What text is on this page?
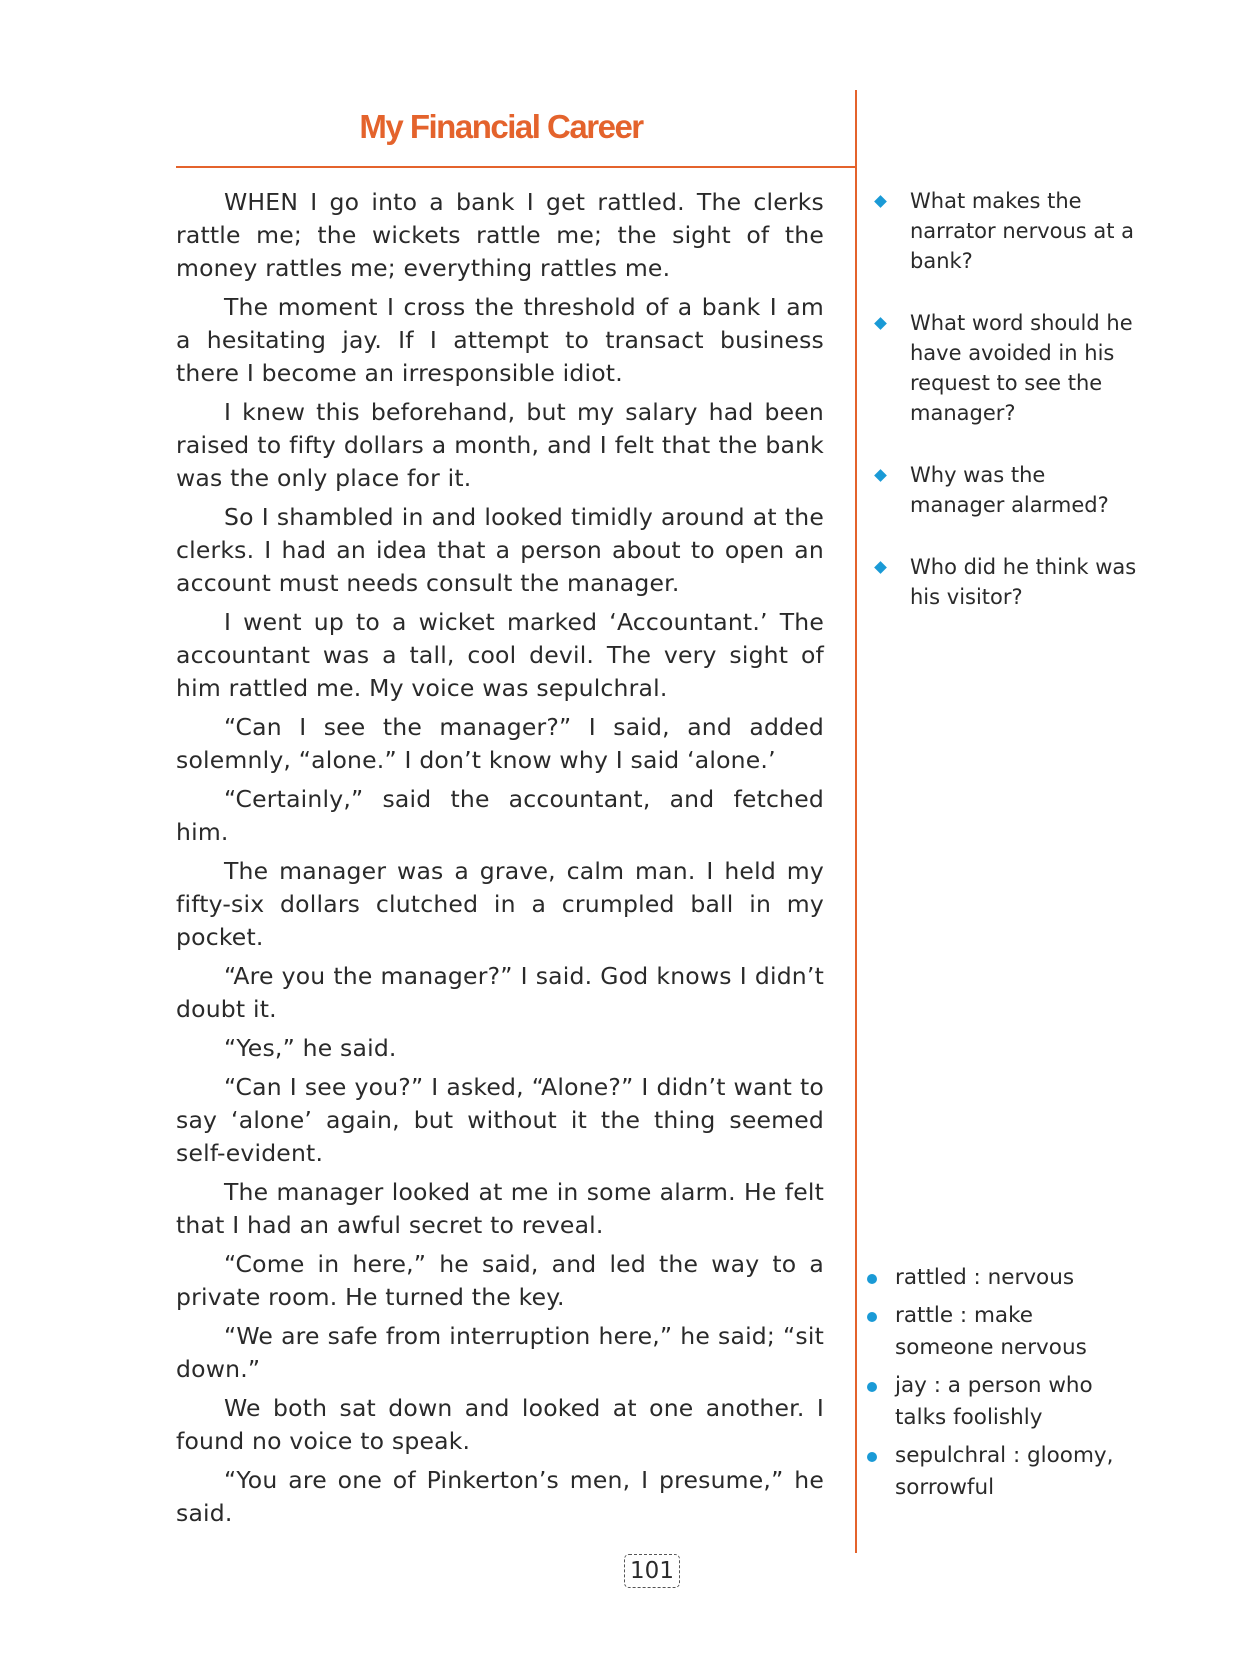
My Financial Career

WHEN I go into a bank I get rattled. The clerks rattle me; the wickets rattle me; the sight of the money rattles me; everything rattles me.

The moment I cross the threshold of a bank I am a hesitating jay. If I attempt to transact business there I become an irresponsible idiot.

I knew this beforehand, but my salary had been raised to fifty dollars a month, and I felt that the bank was the only place for it.

So I shambled in and looked timidly around at the clerks. I had an idea that a person about to open an account must needs consult the manager.

I went up to a wicket marked ‘Accountant.’ The accountant was a tall, cool devil. The very sight of him rattled me. My voice was sepulchral.

“Can I see the manager?” I said, and added solemnly, “alone.” I don’t know why I said ‘alone.’

“Certainly,” said the accountant, and fetched him.

The manager was a grave, calm man. I held my fifty-six dollars clutched in a crumpled ball in my pocket.

“Are you the manager?” I said. God knows I didn’t doubt it.

“Yes,” he said.

“Can I see you?” I asked, “Alone?” I didn’t want to say ‘alone’ again, but without it the thing seemed self-evident.

The manager looked at me in some alarm. He felt that I had an awful secret to reveal.

“Come in here,” he said, and led the way to a private room. He turned the key.

“We are safe from interruption here,” he said; “sit down.”

We both sat down and looked at one another. I found no voice to speak.

“You are one of Pinkerton’s men, I presume,” he said.

What makes the narrator nervous at a bank?
What word should he have avoided in his request to see the manager?
Why was the manager alarmed?
Who did he think was his visitor?
rattled : nervous
rattle : make someone nervous
jay : a person who talks foolishly
sepulchral : gloomy, sorrowful
101
